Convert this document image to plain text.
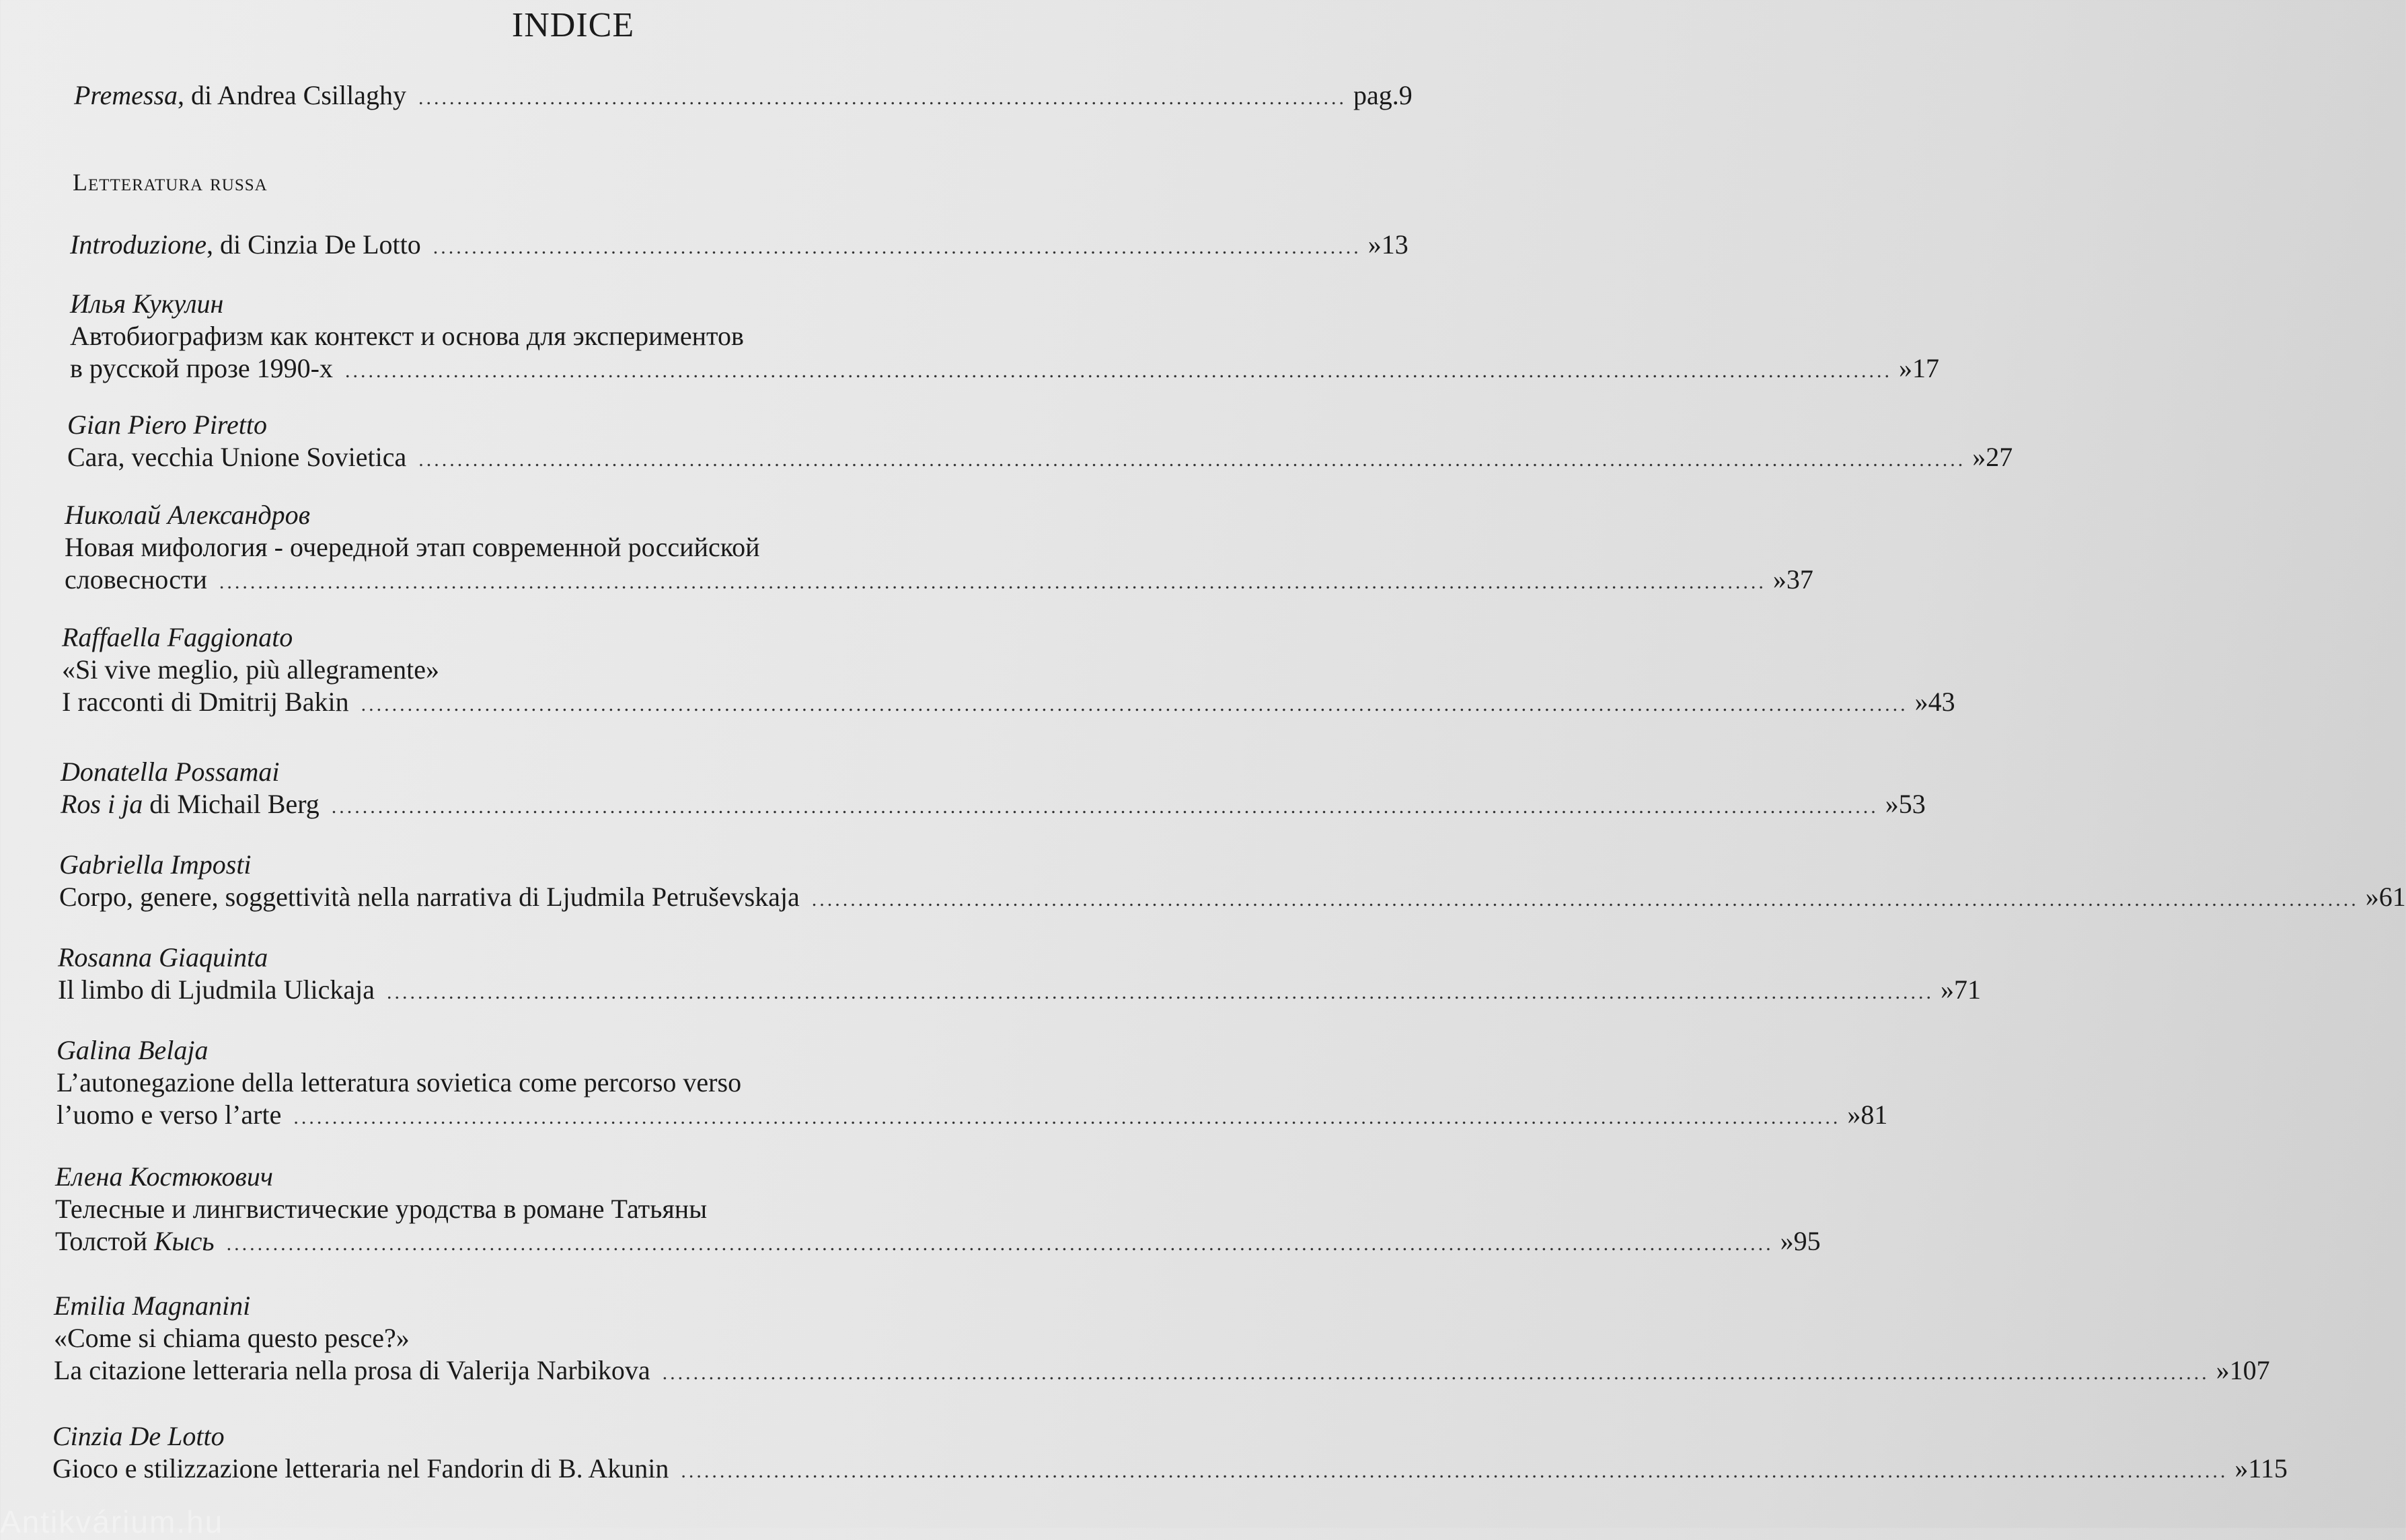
INDICE
Premessa, di Andrea Csillaghy ........................................................................................................................ pag. 9
Letteratura russa
Introduzione, di Cinzia De Lotto ........................................................................................................................ » 13
Илья Кукулин
Автобиографизм как контекст и основа для экспериментов
в русской прозе 1990-х ........................................................................................................................................................................................................ » 17
Gian Piero Piretto
Cara, vecchia Unione Sovietica ........................................................................................................................................................................................................ » 27
Николай Александров
Новая мифология - очередной этап современной российской
словесности ........................................................................................................................................................................................................ » 37
Raffaella Faggionato
«Si vive meglio, più allegramente»
I racconti di Dmitrij Bakin ........................................................................................................................................................................................................ » 43
Donatella Possamai
Ros i ja di Michail Berg ........................................................................................................................................................................................................ » 53
Gabriella Imposti
Corpo, genere, soggettività nella narrativa di Ljudmila Petruševskaja ........................................................................................................................................................................................................ » 61
Rosanna Giaquinta
Il limbo di Ljudmila Ulickaja ........................................................................................................................................................................................................ » 71
Galina Belaja
L’autonegazione della letteratura sovietica come percorso verso
l’uomo e verso l’arte ........................................................................................................................................................................................................ » 81
Елена Костюкович
Телесные и лингвистические уродства в романе Татьяны
Толстой Кысь ........................................................................................................................................................................................................ » 95
Emilia Magnanini
«Come si chiama questo pesce?»
La citazione letteraria nella prosa di Valerija Narbikova ........................................................................................................................................................................................................ » 107
Cinzia De Lotto
Gioco e stilizzazione letteraria nel Fandorin di B. Akunin ........................................................................................................................................................................................................ » 115
Antikvárium.hu
